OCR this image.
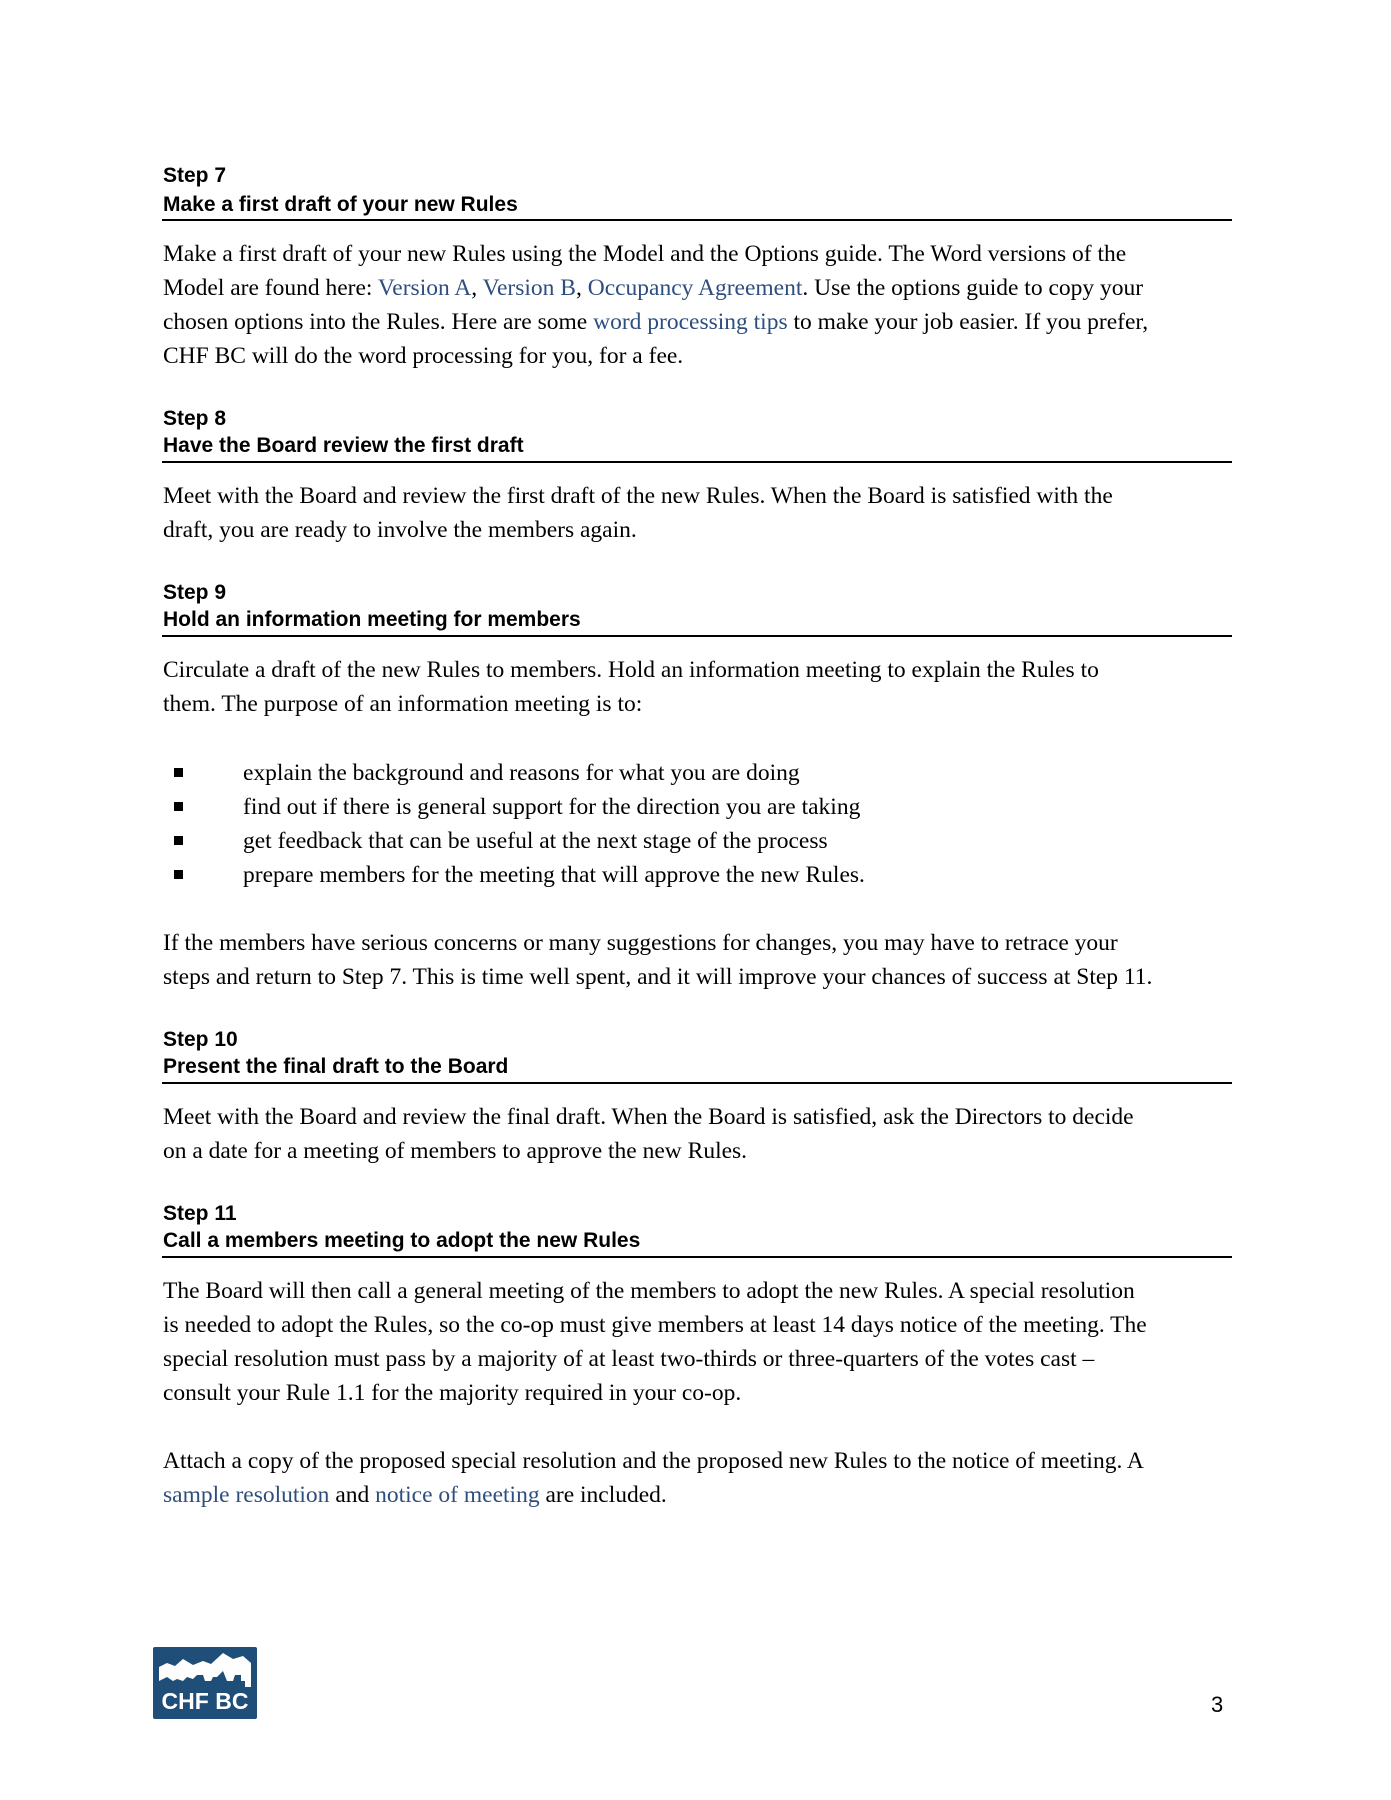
Step 7
Make a first draft of your new Rules
Make a first draft of your new Rules using the Model and the Options guide. The Word versions of the
Model are found here: Version A, Version B, Occupancy Agreement. Use the options guide to copy your
chosen options into the Rules. Here are some word processing tips to make your job easier. If you prefer,
CHF BC will do the word processing for you, for a fee.
Step 8
Have the Board review the first draft
Meet with the Board and review the first draft of the new Rules. When the Board is satisfied with the
draft, you are ready to involve the members again.
Step 9
Hold an information meeting for members
Circulate a draft of the new Rules to members. Hold an information meeting to explain the Rules to
them. The purpose of an information meeting is to:
explain the background and reasons for what you are doing
find out if there is general support for the direction you are taking
get feedback that can be useful at the next stage of the process
prepare members for the meeting that will approve the new Rules.
If the members have serious concerns or many suggestions for changes, you may have to retrace your
steps and return to Step 7. This is time well spent, and it will improve your chances of success at Step 11.
Step 10
Present the final draft to the Board
Meet with the Board and review the final draft. When the Board is satisfied, ask the Directors to decide
on a date for a meeting of members to approve the new Rules.
Step 11
Call a members meeting to adopt the new Rules
The Board will then call a general meeting of the members to adopt the new Rules. A special resolution
is needed to adopt the Rules, so the co-op must give members at least 14 days notice of the meeting. The
special resolution must pass by a majority of at least two-thirds or three-quarters of the votes cast –
consult your Rule 1.1 for the majority required in your co-op.
Attach a copy of the proposed special resolution and the proposed new Rules to the notice of meeting. A
sample resolution and notice of meeting are included.
CHF BC	3
